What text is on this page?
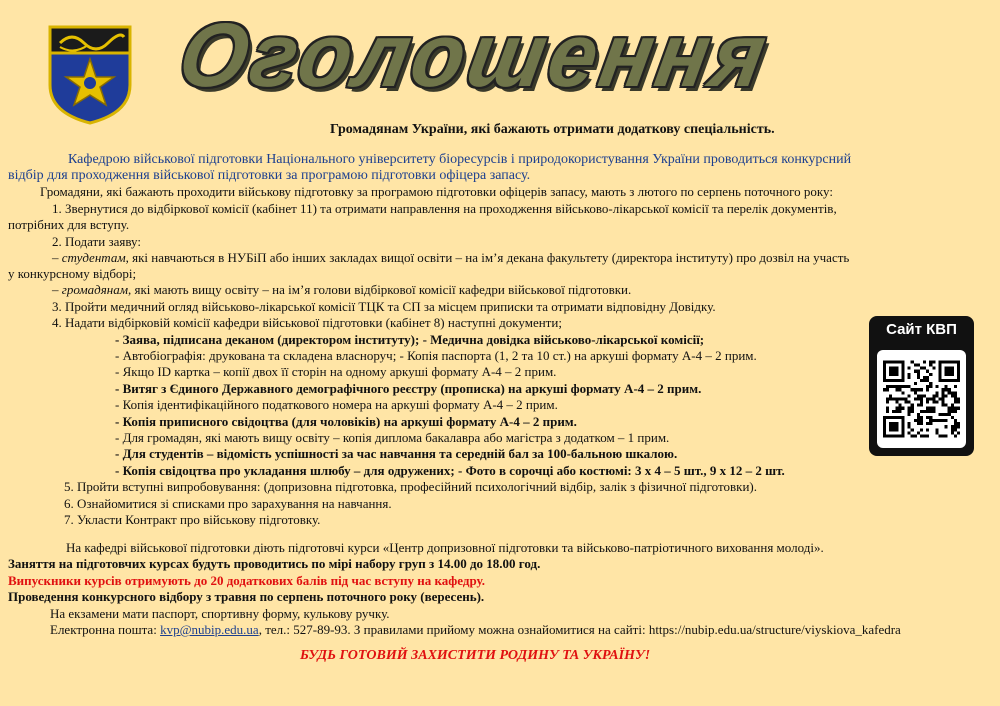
Оголошення
Громадянам України, які бажають отримати додаткову спеціальність.
Кафедрою військової підготовки Національного університету біоресурсів і природокористування України проводиться конкурсний
відбір для проходження військової підготовки за програмою підготовки офіцера запасу.
Громадяни, які бажають проходити військову підготовку за програмою підготовки офіцерів запасу, мають з лютого по серпень поточного року:
1. Звернутися до відбіркової комісії (кабінет 11) та отримати направлення на проходження військово-лікарської комісії та перелік документів,
потрібних для вступу.
2. Подати заяву:
– студентам, які навчаються в НУБіП або інших закладах вищої освіти – на ім’я декана факультету (директора інституту) про дозвіл на участь
у конкурсному відборі;
– громадянам, які мають вищу освіту – на ім’я голови відбіркової комісії кафедри військової підготовки.
3. Пройти медичний огляд військово-лікарської комісії ТЦК та СП за місцем приписки та отримати відповідну Довідку.
4. Надати відбірковій комісії кафедри військової підготовки (кабінет 8) наступні документи;
- Заява, підписана деканом (директором інституту); - Медична довідка військово-лікарської комісії;
- Автобіографія: друкована та складена власноруч; - Копія паспорта (1, 2 та 10 ст.) на аркуші формату А-4 – 2 прим.
- Якщо ID картка – копії двох її сторін на одному аркуші формату А-4 – 2 прим.
- Витяг з Єдиного Державного демографічного реєстру (прописка) на аркуші формату А-4 – 2 прим.
- Копія ідентифікаційного податкового номера на аркуші формату А-4 – 2 прим.
- Копія приписного свідоцтва (для чоловіків) на аркуші формату А-4 – 2 прим.
- Для громадян, які мають вищу освіту – копія диплома бакалавра або магістра з додатком – 1 прим.
- Для студентів – відомість успішності за час навчання та середній бал за 100-бальною шкалою.
- Копія свідоцтва про укладання шлюбу – для одружених; - Фото в сорочці або костюмі: 3 х 4 – 5 шт., 9 х 12 – 2 шт.
5. Пройти вступні випробовування: (допризовна підготовка, професійний психологічний відбір, залік з фізичної підготовки).
6. Ознайомитися зі списками про зарахування на навчання.
7. Укласти Контракт про військову підготовку.
Сайт КВП
На кафедрі військової підготовки діють підготовчі курси «Центр допризовної підготовки та військово-патріотичного виховання молоді».
Заняття на підготовчих курсах будуть проводитись по мірі набору груп з 14.00 до 18.00 год.
Випускники курсів отримують до 20 додаткових балів під час вступу на кафедру.
Проведення конкурсного відбору з травня по серпень поточного року (вересень).
На екзамени мати паспорт, спортивну форму, кулькову ручку.
Електронна пошта: kvp@nubip.edu.ua, тел.: 527-89-93. З правилами прийому можна ознайомитися на сайті: https://nubip.edu.ua/structure/viyskiova_kafedra
БУДЬ ГОТОВИЙ ЗАХИСТИТИ РОДИНУ ТА УКРАЇНУ!
